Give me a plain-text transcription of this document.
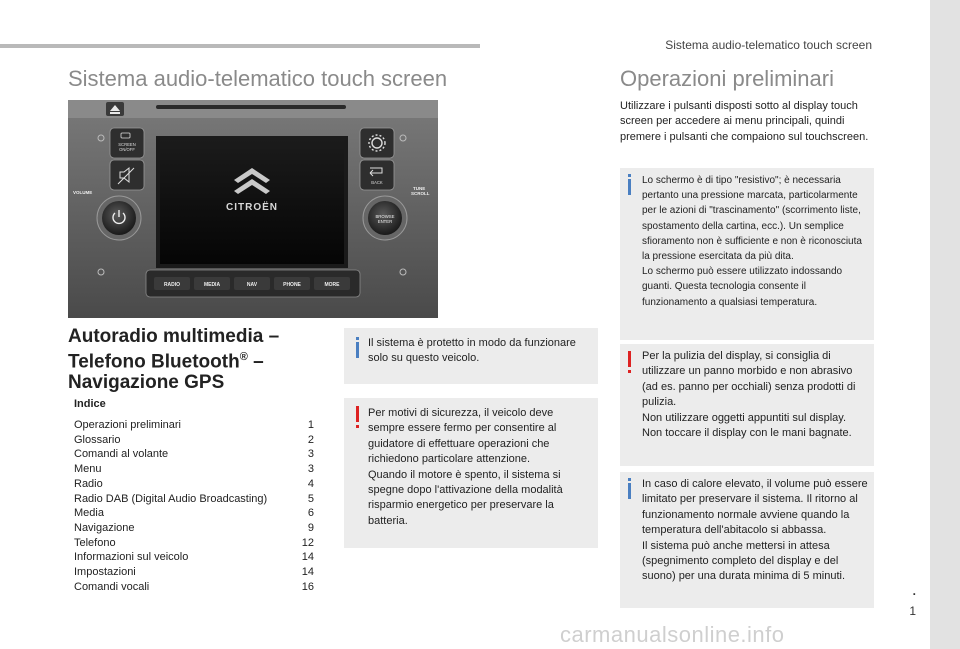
Sistema audio-telematico touch screen
.
1
Sistema audio-telematico touch screen
SCREEN ON/OFF
BACK
CITROËN
VOLUME
TUNE SCROLL
BROWSE ENTER
RADIO	MEDIA	NAV	PHONE	MORE
Autoradio multimedia –
Telefono Bluetooth® –
Navigazione GPS
Indice
Operazioni preliminari	1
Glossario	2
Comandi al volante	3
Menu	3
Radio	4
Radio DAB (Digital Audio Broadcasting)	5
Media	6
Navigazione	9
Telefono	12
Informazioni sul veicolo	14
Impostazioni	14
Comandi vocali	16
Il sistema è protetto in modo da funzionare solo su questo veicolo.
Per motivi di sicurezza, il veicolo deve sempre essere fermo per consentire al guidatore di effettuare operazioni che richiedono particolare attenzione.
Quando il motore è spento, il sistema si spegne dopo l'attivazione della modalità risparmio energetico per preservare la batteria.
Operazioni preliminari
Utilizzare i pulsanti disposti sotto al display touch screen per accedere ai menu principali, quindi premere i pulsanti che compaiono sul touchscreen.
Lo schermo è di tipo "resistivo"; è necessaria pertanto una pressione marcata, particolarmente per le azioni di "trascinamento" (scorrimento liste, spostamento della cartina, ecc.). Un semplice sfioramento non è sufficiente e non è riconosciuta la pressione esercitata da più dita.
Lo schermo può essere utilizzato indossando guanti. Questa tecnologia consente il funzionamento a qualsiasi temperatura.
Per la pulizia del display, si consiglia di utilizzare un panno morbido e non abrasivo (ad es. panno per occhiali) senza prodotti di pulizia.
Non utilizzare oggetti appuntiti sul display.
Non toccare il display con le mani bagnate.
In caso di calore elevato, il volume può essere limitato per preservare il sistema. Il ritorno al funzionamento normale avviene quando la temperatura dell'abitacolo si abbassa.
Il sistema può anche mettersi in attesa (spegnimento completo del display e del suono) per una durata minima di 5 minuti.
carmanualsonline.info
